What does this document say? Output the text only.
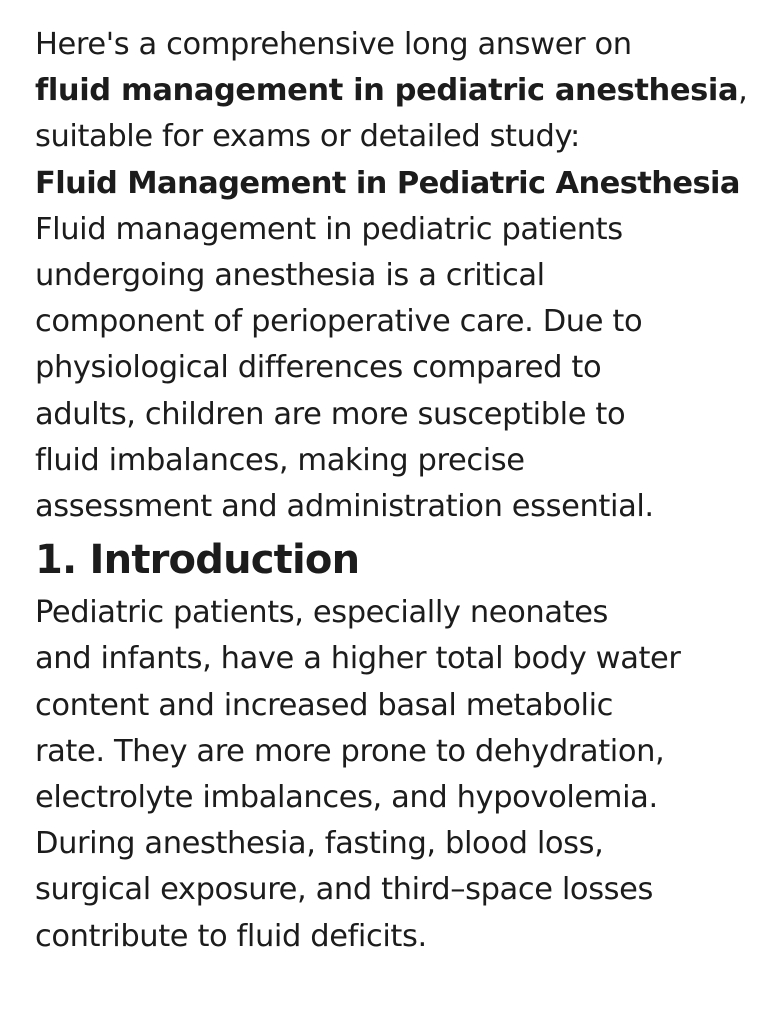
Here's a comprehensive long answer on
fluid management in pediatric anesthesia,
suitable for exams or detailed study:
Fluid Management in Pediatric Anesthesia
Fluid management in pediatric patients
undergoing anesthesia is a critical
component of perioperative care. Due to
physiological differences compared to
adults, children are more susceptible to
fluid imbalances, making precise
assessment and administration essential.
1. Introduction
Pediatric patients, especially neonates
and infants, have a higher total body water
content and increased basal metabolic
rate. They are more prone to dehydration,
electrolyte imbalances, and hypovolemia.
During anesthesia, fasting, blood loss,
surgical exposure, and third–space losses
contribute to fluid deficits.
